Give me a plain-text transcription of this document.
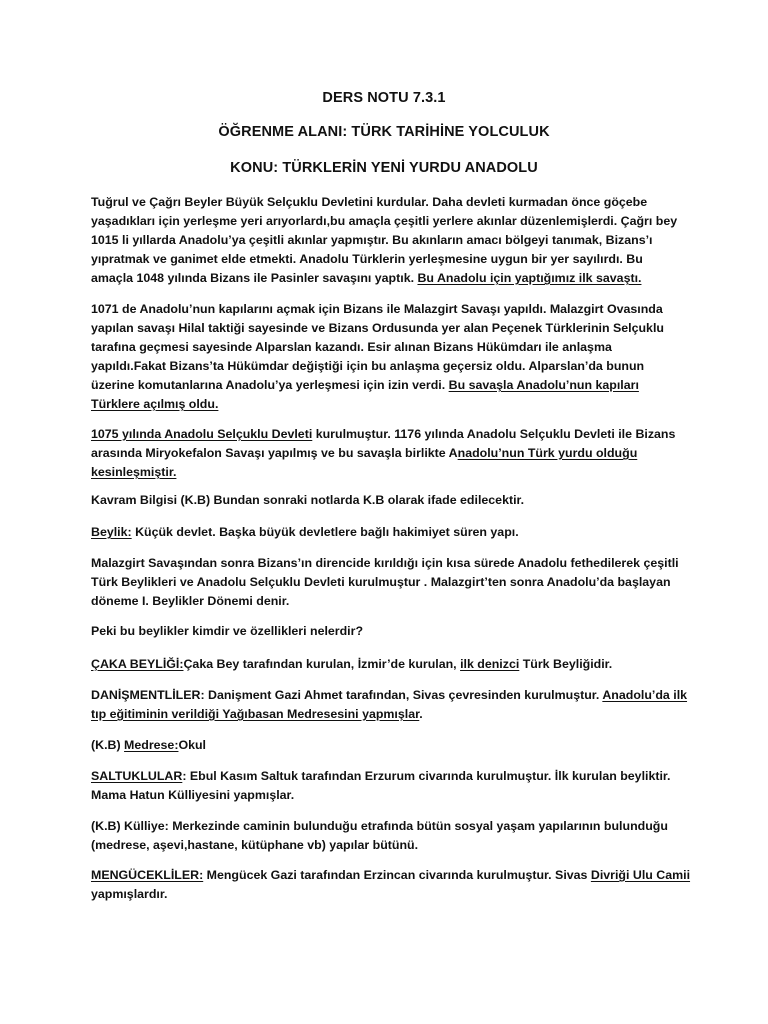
DERS NOTU 7.3.1
ÖĞRENME ALANI: TÜRK TARİHİNE YOLCULUK
KONU: TÜRKLERİN YENİ YURDU ANADOLU
Tuğrul ve Çağrı Beyler Büyük Selçuklu Devletini kurdular. Daha devleti kurmadan önce göçebe
yaşadıkları için yerleşme yeri arıyorlardı,bu amaçla çeşitli yerlere akınlar düzenlemişlerdi. Çağrı bey
1015 li yıllarda Anadolu’ya çeşitli akınlar yapmıştır. Bu akınların amacı bölgeyi tanımak, Bizans’ı
yıpratmak ve ganimet elde etmekti. Anadolu Türklerin yerleşmesine uygun bir yer sayılırdı. Bu
amaçla 1048 yılında Bizans ile Pasinler savaşını yaptık. Bu Anadolu için yaptığımız ilk savaştı.
1071 de Anadolu’nun kapılarını açmak için Bizans ile Malazgirt Savaşı yapıldı. Malazgirt Ovasında
yapılan savaşı Hilal taktiği sayesinde ve Bizans Ordusunda yer alan Peçenek Türklerinin Selçuklu
tarafına geçmesi sayesinde Alparslan kazandı. Esir alınan Bizans Hükümdarı ile anlaşma
yapıldı.Fakat Bizans’ta Hükümdar değiştiği için bu anlaşma geçersiz oldu. Alparslan’da bunun
üzerine komutanlarına Anadolu’ya yerleşmesi için izin verdi. Bu savaşla Anadolu’nun kapıları
Türklere açılmış oldu.
1075 yılında Anadolu Selçuklu Devleti kurulmuştur. 1176 yılında Anadolu Selçuklu Devleti ile Bizans
arasında Miryokefalon Savaşı yapılmış ve bu savaşla birlikte Anadolu’nun Türk yurdu olduğu
kesinleşmiştir.
Kavram Bilgisi (K.B) Bundan sonraki notlarda K.B olarak ifade edilecektir.
Beylik: Küçük devlet. Başka büyük devletlere bağlı hakimiyet süren yapı.
Malazgirt Savaşından sonra Bizans’ın direncide kırıldığı için kısa sürede Anadolu fethedilerek çeşitli
Türk Beylikleri ve Anadolu Selçuklu Devleti kurulmuştur . Malazgirt’ten sonra Anadolu’da başlayan
döneme I. Beylikler Dönemi denir.
Peki bu beylikler kimdir ve özellikleri nelerdir?
ÇAKA BEYLİĞİ:Çaka Bey tarafından kurulan, İzmir’de kurulan, ilk denizci Türk Beyliğidir.
DANİŞMENTLİLER: Danişment Gazi Ahmet tarafından, Sivas çevresinden kurulmuştur. Anadolu’da ilk
tıp eğitiminin verildiği Yağıbasan Medresesini yapmışlar.
(K.B) Medrese:Okul
SALTUKLULAR: Ebul Kasım Saltuk tarafından Erzurum civarında kurulmuştur. İlk kurulan beyliktir.
Mama Hatun Külliyesini yapmışlar.
(K.B) Külliye: Merkezinde caminin bulunduğu etrafında bütün sosyal yaşam yapılarının bulunduğu
(medrese, aşevi,hastane, kütüphane vb) yapılar bütünü.
MENGÜCEKLİLER: Mengücek Gazi tarafından Erzincan civarında kurulmuştur. Sivas Divriği Ulu Camii
yapmışlardır.
